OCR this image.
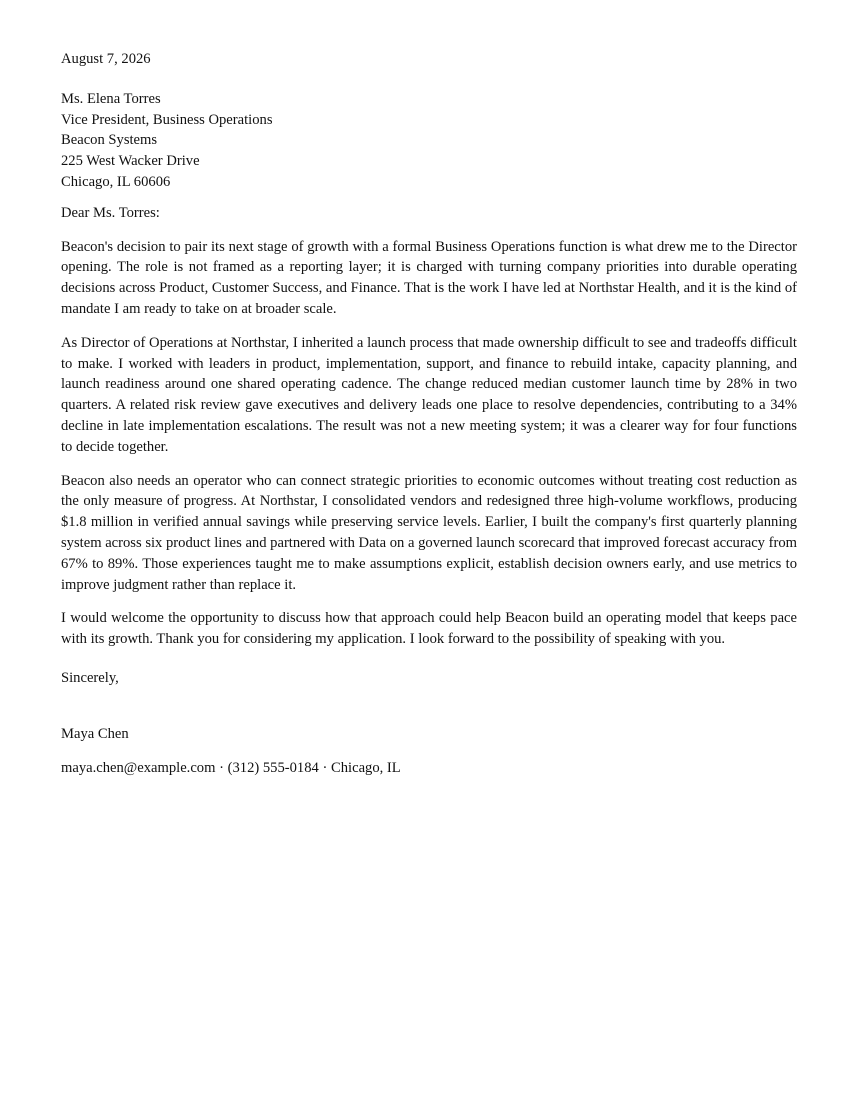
August 7, 2026
Ms. Elena Torres
Vice President, Business Operations
Beacon Systems
225 West Wacker Drive
Chicago, IL 60606
Dear Ms. Torres:

Beacon's decision to pair its next stage of growth with a formal Business Operations function is what drew me to the Director opening. The role is not framed as a reporting layer; it is charged with turning company priorities into durable operating decisions across Product, Customer Success, and Finance. That is the work I have led at Northstar Health, and it is the kind of mandate I am ready to take on at broader scale.

As Director of Operations at Northstar, I inherited a launch process that made ownership difficult to see and tradeoffs difficult to make. I worked with leaders in product, implementation, support, and finance to rebuild intake, capacity planning, and launch readiness around one shared operating cadence. The change reduced median customer launch time by 28% in two quarters. A related risk review gave executives and delivery leads one place to resolve dependencies, contributing to a 34% decline in late implementation escalations. The result was not a new meeting system; it was a clearer way for four functions to decide together.

Beacon also needs an operator who can connect strategic priorities to economic outcomes without treating cost reduction as the only measure of progress. At Northstar, I consolidated vendors and redesigned three high-volume workflows, producing $1.8 million in verified annual savings while preserving service levels. Earlier, I built the company's first quarterly planning system across six product lines and partnered with Data on a governed launch scorecard that improved forecast accuracy from 67% to 89%. Those experiences taught me to make assumptions explicit, establish decision owners early, and use metrics to improve judgment rather than replace it.

I would welcome the opportunity to discuss how that approach could help Beacon build an operating model that keeps pace with its growth. Thank you for considering my application. I look forward to the possibility of speaking with you.

Sincerely,
Maya Chen
maya.chen@example.com · (312) 555-0184 · Chicago, IL
